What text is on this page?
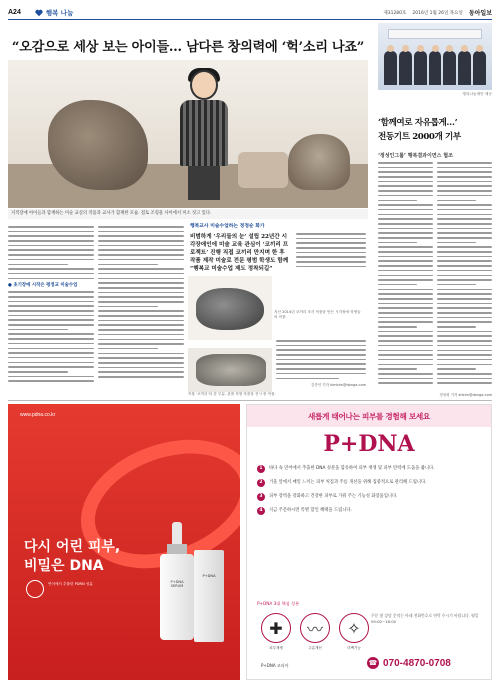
A24	행복 나눔	제31280호 2016년 1월 26일 목요일 동아일보
“오감으로 세상 보는 아이들… 남다른 창의력에 ‘헉’소리 나죠”
지적장애 아이들과 함께하는 미술 교실의 작품과 교사가 함께한 모습. 점토 조형물 사이에서 미소 짓고 있다.
행복나눔재단 제공
‘함께여로 자유롭게…’
전동기트 2000개 기부
‘정성인그룹’ 행복결과이면스 협조
정성희 기자 shkim@donga.com
● 초기장애 시작은 평정교 미술수업
행복교사 미술수업하는 정정순 화가
비범하게 ‘우리들의 눈’ 설립 22년간 시각장애인에 미술 교육 관심이 ‘코끼리 프로젝트’ 진행 직접 코끼리 만지며 한 후 작품 제작 미술로 전문 평범 학생도 함께 “행복교 미술수업 제도 정착되길”
지난 2014년 코끼리 조각 작품을 만든 시각장애 학생들의 작품.
작품 ‘코끼리’의 한 부분. 관찰 학생 작품을 전시 중 작품.
김종인 기자 kimkim@donga.com
www.pdna.co.kr
다시 어린 피부,
비밀은 DNA
연어에서 추출한 PDRN 성분	P+DNA SERUM
P+DNA
새롭게 태어나는 피부를 경험해 보세요
P+DNA
1	바다 속 연어에서 추출한 DNA 성분을 함유하여 피부 재생 및 피부 탄력에 도움을 줍니다.
2	거울 앞에서 매일 느끼는 피부 처짐과 주름 개선을 위해 집중적으로 관리해 드립니다.
3	피부 장벽을 강화하고 건강한 피부로 가꿔 주는 기능성 화장품입니다.
4	지금 주문하시면 특별 할인 혜택을 드립니다.
P+DNA 3대 핵심 성분
✚	〰	✧
피부재생	주름개선	미백기능
주문 및 상담 문의는 아래 전화번호로 연락 주시기 바랍니다. 평일 09:00~18:00
☎ 070-4870-0708
P+DNA 코리아
